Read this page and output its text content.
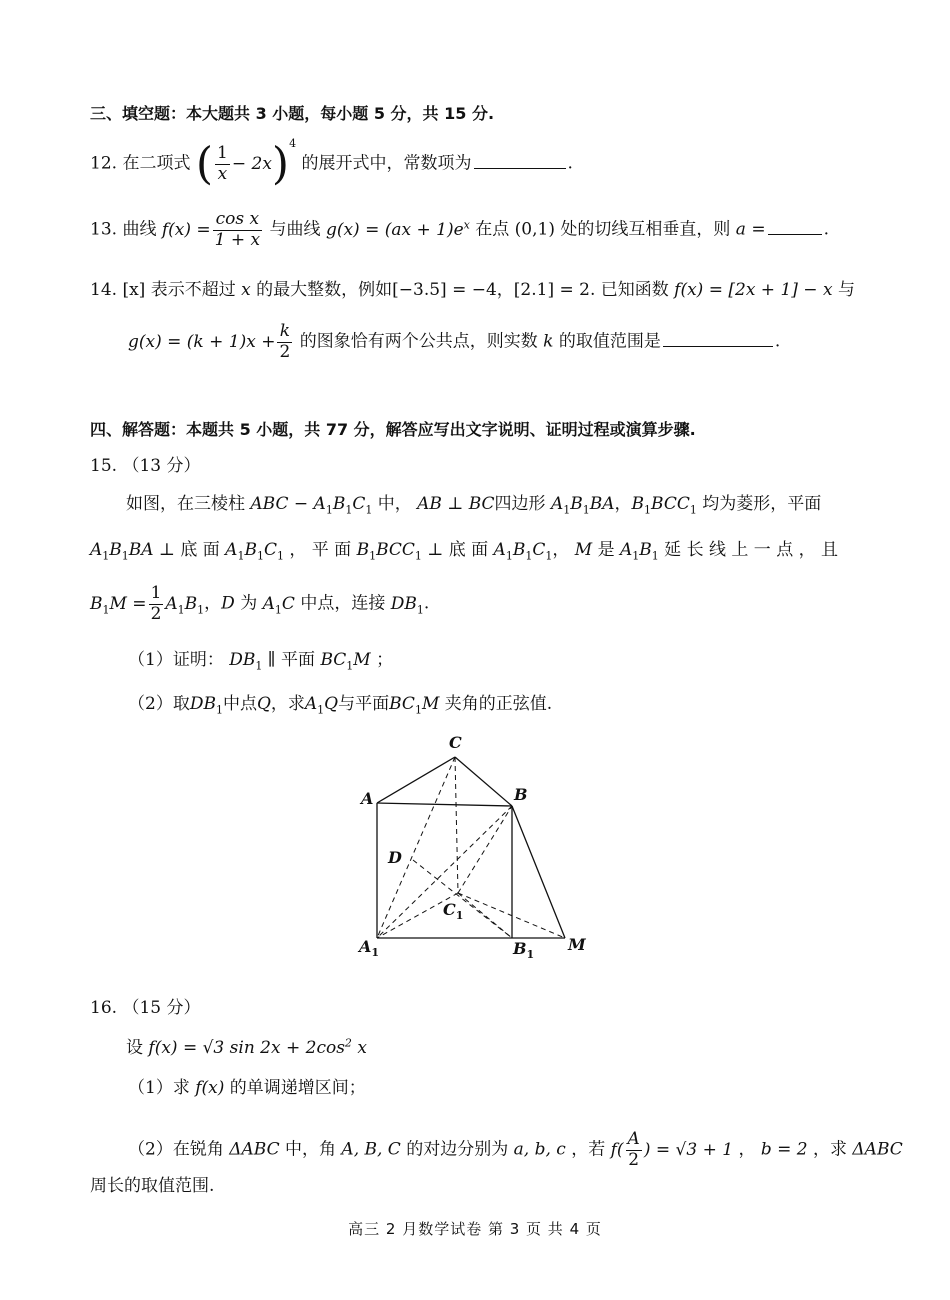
三、填空题：本大题共 3 小题，每小题 5 分，共 15 分.
12. 在二项式 ( $\frac{1}{x} - 2x)^4$ 的展开式中，常数项为	.
13. 曲线 $f(x) = \frac{\text{cos x}}{1 + x}$ 与曲线 $g(x) = (ax + 1)e^x$ 在点 (0,1) 处的切线互相垂直，则 a =	.
14. [x] 表示不超过 x 的最大整数，例如[−3.5] = −4，[2.1] = 2. 已知函数 f(x) = [2x + 1] − x 与
$g(x) = (k + 1)x + \frac{k}{2}$ 的图象恰有两个公共点，则实数 k 的取值范围是	.
四、解答题：本题共 5 小题，共 77 分，解答应写出文字说明、证明过程或演算步骤.
15. （13 分）
如图，在三棱柱 ABC − $A_1B_1C_1$ 中， AB ⊥ BC四边形 $A_1B_1BA$，$B_1BCC_1$ 均为菱形，平面
$A_1B_1BA$ ⊥ 底 面 $A_1B_1C_1$ ， 平 面 $B_1BCC_1$ ⊥ 底 面 $A_1B_1C_1$， M 是 $A_1B_1$ 延 长 线 上 一 点 ， 且
$B_1M = \frac{1}{2} A_1B_1$，D 为 $A_1C$ 中点，连接 $DB_1$.
（1）证明： $DB_1$ ∥ 平面 $BC_1M$ ；
（2）取$DB_1$中点Q，求$A_1Q$与平面$BC_1M$ 夹角的正弦值.
C
A	B
D
$C_1$
$A_1$	$B_1$
M
16. （15 分）
设 f(x) = √3 $\sin 2x + 2\cos^2$ x
（1）求 f(x) 的单调递增区间；
（2）在锐角 ΔABC 中，角 A, B, C 的对边分别为 a, b, c ，若 $f( \frac{A}{2}$ ) = √3 + 1 ， b = 2 ，求 ΔABC
周长的取值范围.
高三 2 月数学试卷 第 3 页 共 4 页
